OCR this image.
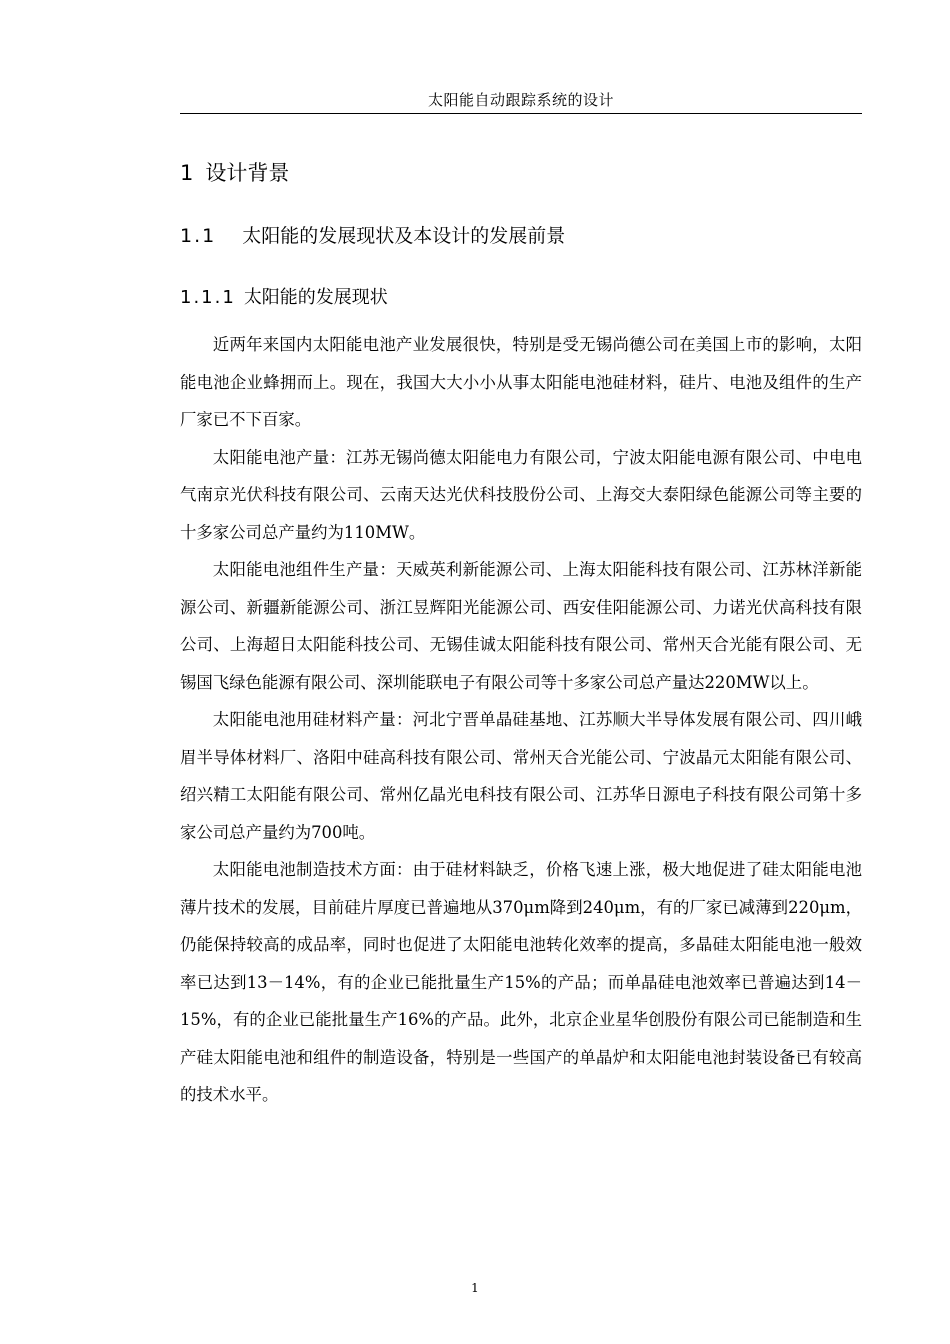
太阳能自动跟踪系统的设计
1 设计背景
1.1 太阳能的发展现状及本设计的发展前景
1.1.1 太阳能的发展现状

近两年来国内太阳能电池产业发展很快，特别是受无锡尚德公司在美国上市的影响，太阳能电池企业蜂拥而上。现在，我国大大小小从事太阳能电池硅材料，硅片、电池及组件的生产厂家已不下百家。

太阳能电池产量：江苏无锡尚德太阳能电力有限公司，宁波太阳能电源有限公司、中电电气南京光伏科技有限公司、云南天达光伏科技股份公司、上海交大泰阳绿色能源公司等主要的十多家公司总产量约为110MW。

太阳能电池组件生产量：天威英利新能源公司、上海太阳能科技有限公司、江苏林洋新能源公司、新疆新能源公司、浙江昱辉阳光能源公司、西安佳阳能源公司、力诺光伏高科技有限公司、上海超日太阳能科技公司、无锡佳诚太阳能科技有限公司、常州天合光能有限公司、无锡国飞绿色能源有限公司、深圳能联电子有限公司等十多家公司总产量达220MW以上。

太阳能电池用硅材料产量：河北宁晋单晶硅基地、江苏顺大半导体发展有限公司、四川峨眉半导体材料厂、洛阳中硅高科技有限公司、常州天合光能公司、宁波晶元太阳能有限公司、绍兴精工太阳能有限公司、常州亿晶光电科技有限公司、江苏华日源电子科技有限公司第十多家公司总产量约为700吨。

太阳能电池制造技术方面：由于硅材料缺乏，价格飞速上涨，极大地促进了硅太阳能电池薄片技术的发展，目前硅片厚度已普遍地从370μm降到240μm，有的厂家已减薄到220μm，仍能保持较高的成品率，同时也促进了太阳能电池转化效率的提高，多晶硅太阳能电池一般效率已达到13－14%，有的企业已能批量生产15%的产品；而单晶硅电池效率已普遍达到14－15%，有的企业已能批量生产16%的产品。此外，北京企业星华创股份有限公司已能制造和生产硅太阳能电池和组件的制造设备，特别是一些国产的单晶炉和太阳能电池封装设备已有较高的技术水平。

1
